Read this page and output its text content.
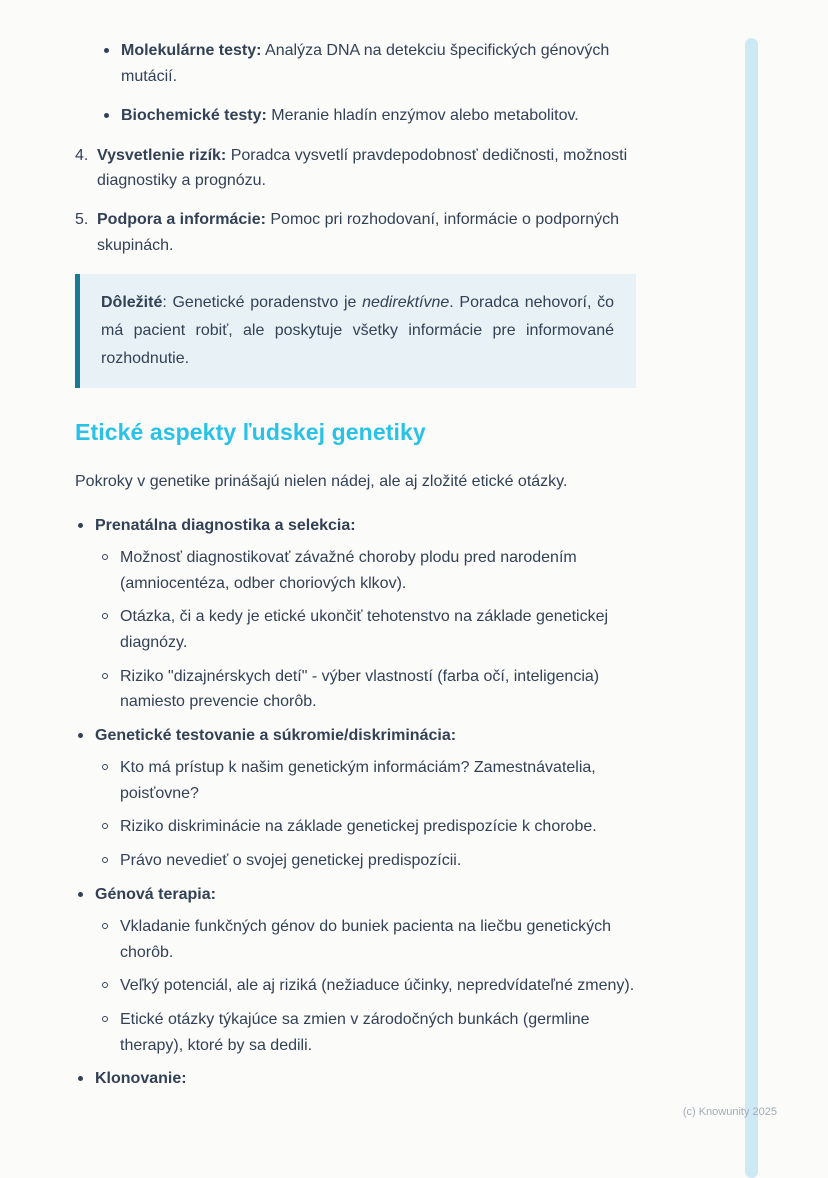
Molekulárne testy: Analýza DNA na detekciu špecifických génových mutácií.
Biochemické testy: Meranie hladín enzýmov alebo metabolitov.
4. Vysvetlenie rizík: Poradca vysvetlí pravdepodobnosť dedičnosti, možnosti diagnostiky a prognózu.
5. Podpora a informácie: Pomoc pri rozhodovaní, informácie o podporných skupinách.

Dôležité: Genetické poradenstvo je nedirektívne. Poradca nehovorí, čo má pacient robiť, ale poskytuje všetky informácie pre informované rozhodnutie.

Etické aspekty ľudskej genetiky

Pokroky v genetike prinášajú nielen nádej, ale aj zložité etické otázky.

Prenatálna diagnostika a selekcia:
Možnosť diagnostikovať závažné choroby plodu pred narodením (amniocentéza, odber choriových klkov).
Otázka, či a kedy je etické ukončiť tehotenstvo na základe genetickej diagnózy.
Riziko "dizajnérskych detí" - výber vlastností (farba očí, inteligencia) namiesto prevencie chorôb.
Genetické testovanie a súkromie/diskriminácia:
Kto má prístup k našim genetickým informáciám? Zamestnávatelia, poisťovne?
Riziko diskriminácie na základe genetickej predispozície k chorobe.
Právo nevedieť o svojej genetickej predispozícii.
Génová terapia:
Vkladanie funkčných génov do buniek pacienta na liečbu genetických chorôb.
Veľký potenciál, ale aj riziká (nežiaduce účinky, nepredvídateľné zmeny).
Etické otázky týkajúce sa zmien v zárodočných bunkách (germline therapy), ktoré by sa dedili.
Klonovanie:
(c) Knowunity 2025
